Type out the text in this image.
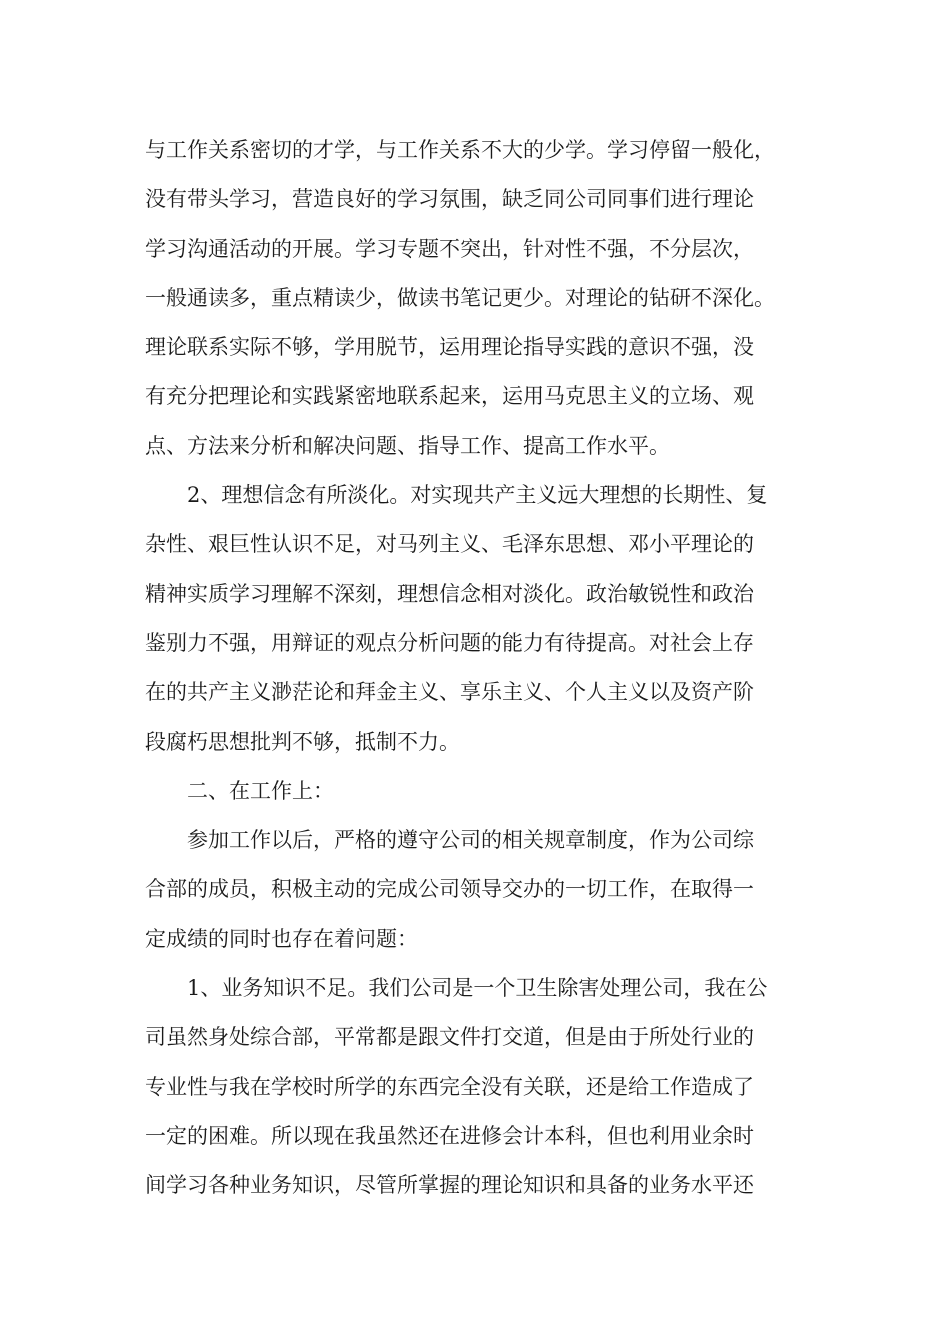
与工作关系密切的才学，与工作关系不大的少学。学习停留一般化，
没有带头学习，营造良好的学习氛围，缺乏同公司同事们进行理论
学习沟通活动的开展。学习专题不突出，针对性不强，不分层次，
一般通读多，重点精读少，做读书笔记更少。对理论的钻研不深化。
理论联系实际不够，学用脱节，运用理论指导实践的意识不强，没
有充分把理论和实践紧密地联系起来，运用马克思主义的立场、观
点、方法来分析和解决问题、指导工作、提高工作水平。
2、理想信念有所淡化。对实现共产主义远大理想的长期性、复
杂性、艰巨性认识不足，对马列主义、毛泽东思想、邓小平理论的
精神实质学习理解不深刻，理想信念相对淡化。政治敏锐性和政治
鉴别力不强，用辩证的观点分析问题的能力有待提高。对社会上存
在的共产主义渺茫论和拜金主义、享乐主义、个人主义以及资产阶
段腐朽思想批判不够，抵制不力。
二、在工作上：
参加工作以后，严格的遵守公司的相关规章制度，作为公司综
合部的成员，积极主动的完成公司领导交办的一切工作，在取得一
定成绩的同时也存在着问题：
1、业务知识不足。我们公司是一个卫生除害处理公司，我在公
司虽然身处综合部，平常都是跟文件打交道，但是由于所处行业的
专业性与我在学校时所学的东西完全没有关联，还是给工作造成了
一定的困难。所以现在我虽然还在进修会计本科，但也利用业余时
间学习各种业务知识，尽管所掌握的理论知识和具备的业务水平还
